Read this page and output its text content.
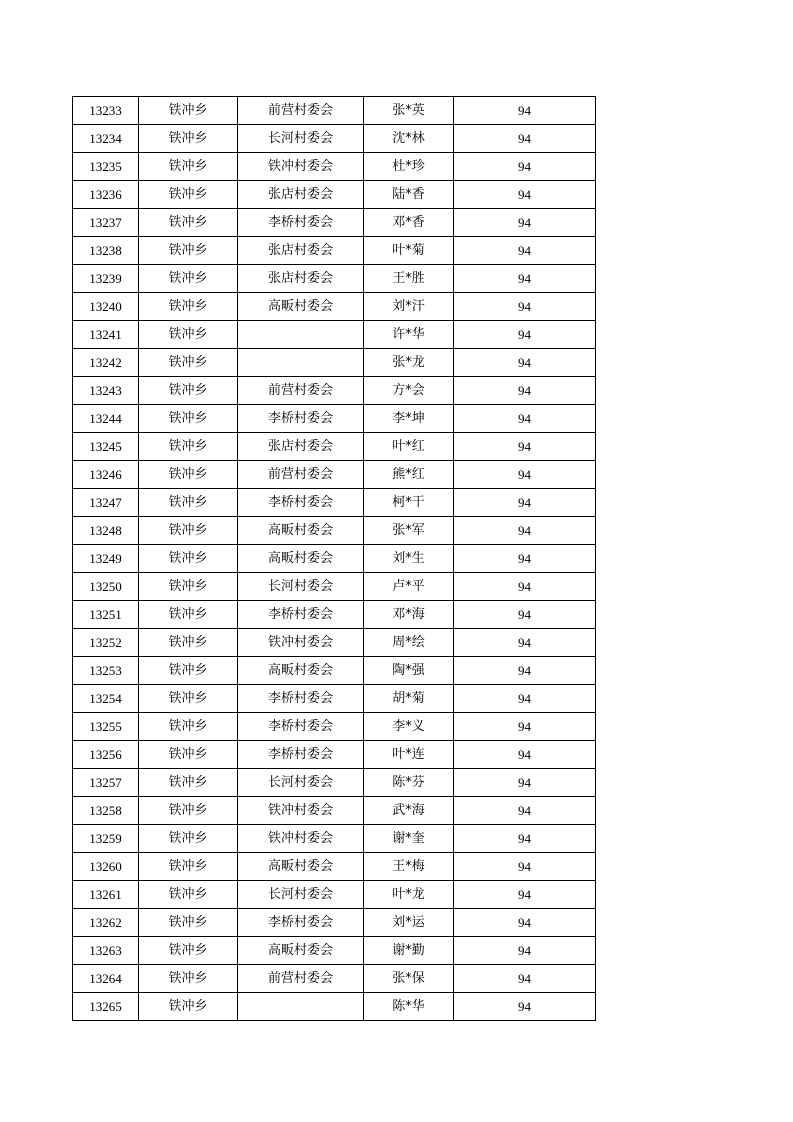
13233	铁冲乡	前营村委会	张*英	94
13234	铁冲乡	长河村委会	沈*林	94
13235	铁冲乡	铁冲村委会	杜*珍	94
13236	铁冲乡	张店村委会	陆*香	94
13237	铁冲乡	李桥村委会	邓*香	94
13238	铁冲乡	张店村委会	叶*菊	94
13239	铁冲乡	张店村委会	王*胜	94
13240	铁冲乡	高畈村委会	刘*汗	94
13241	铁冲乡		许*华	94
13242	铁冲乡		张*龙	94
13243	铁冲乡	前营村委会	方*会	94
13244	铁冲乡	李桥村委会	李*坤	94
13245	铁冲乡	张店村委会	叶*红	94
13246	铁冲乡	前营村委会	熊*红	94
13247	铁冲乡	李桥村委会	柯*干	94
13248	铁冲乡	高畈村委会	张*军	94
13249	铁冲乡	高畈村委会	刘*生	94
13250	铁冲乡	长河村委会	卢*平	94
13251	铁冲乡	李桥村委会	邓*海	94
13252	铁冲乡	铁冲村委会	周*绘	94
13253	铁冲乡	高畈村委会	陶*强	94
13254	铁冲乡	李桥村委会	胡*菊	94
13255	铁冲乡	李桥村委会	李*义	94
13256	铁冲乡	李桥村委会	叶*连	94
13257	铁冲乡	长河村委会	陈*芬	94
13258	铁冲乡	铁冲村委会	武*海	94
13259	铁冲乡	铁冲村委会	谢*奎	94
13260	铁冲乡	高畈村委会	王*梅	94
13261	铁冲乡	长河村委会	叶*龙	94
13262	铁冲乡	李桥村委会	刘*运	94
13263	铁冲乡	高畈村委会	谢*勤	94
13264	铁冲乡	前营村委会	张*保	94
13265	铁冲乡		陈*华	94
